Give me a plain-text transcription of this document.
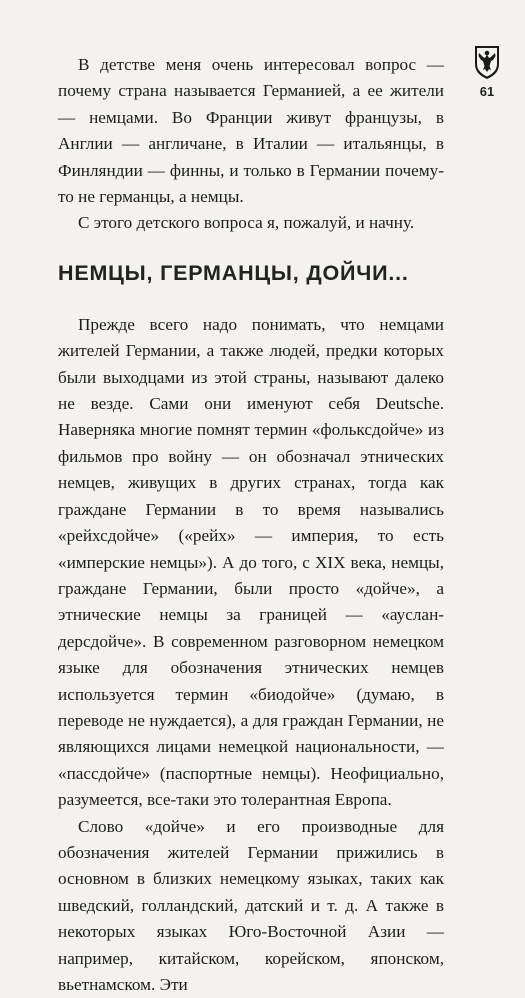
61

В детстве меня очень интересовал вопрос — почему страна называется Германией, а ее жители — немцами. Во Франции живут французы, в Англии — англичане, в Италии — итальянцы, в Финляндии — финны, и только в Германии почему-то не германцы, а немцы.

С этого детского вопроса я, пожалуй, и начну.

НЕМЦЫ, ГЕРМАНЦЫ, ДОЙЧИ...

Прежде всего надо понимать, что немцами жителей Германии, а также людей, предки которых были выходцами из этой страны, называют далеко не везде. Сами они именуют себя Deutsche. Наверняка многие помнят термин «фольксдойче» из фильмов про войну — он обозначал этнических немцев, живущих в других странах, тогда как граждане Германии в то время назывались «рейхсдойче» («рейх» — империя, то есть «имперские немцы»). А до того, с XIX века, немцы, граждане Германии, были просто «дойче», а этнические немцы за границей — «аусландерсдойче». В современном разговорном немецком языке для обозначения этнических немцев используется термин «биодойче» (думаю, в переводе не нуждается), а для граждан Германии, не являющихся лицами немецкой национальности, — «пассдойче» (паспортные немцы). Неофициально, разумеется, все-таки это толерантная Европа.

Слово «дойче» и его производные для обозначения жителей Германии прижились в основном в близких немецкому языках, таких как шведский, голландский, датский и т. д. А также в некоторых языках Юго-Восточной Азии — например, китайском, корейском, японском, вьетнамском. Эти
